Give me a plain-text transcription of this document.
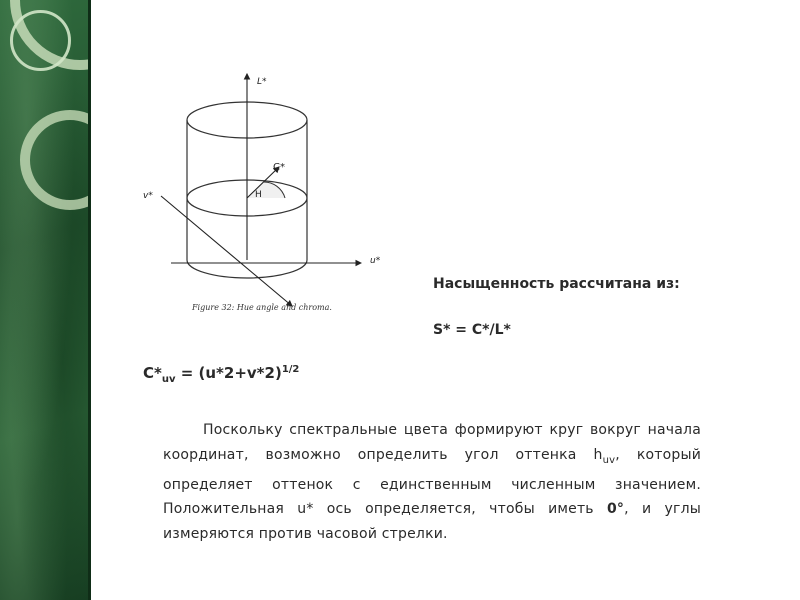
L*
u*
v*
C*
H
Figure 32: Hue angle and chroma.
Насыщенность рассчитана из:
S* = C*/L*
$C*_{uv} = (u*2+v*2)^{1/2}$
Поскольку спектральные цвета формируют круг вокруг начала координат, возможно определить угол оттенка $h_{uv}$, который определяет оттенок с единственным численным значением. Положительная u* ось определяется, чтобы иметь 0°, и углы измеряются против часовой стрелки.
